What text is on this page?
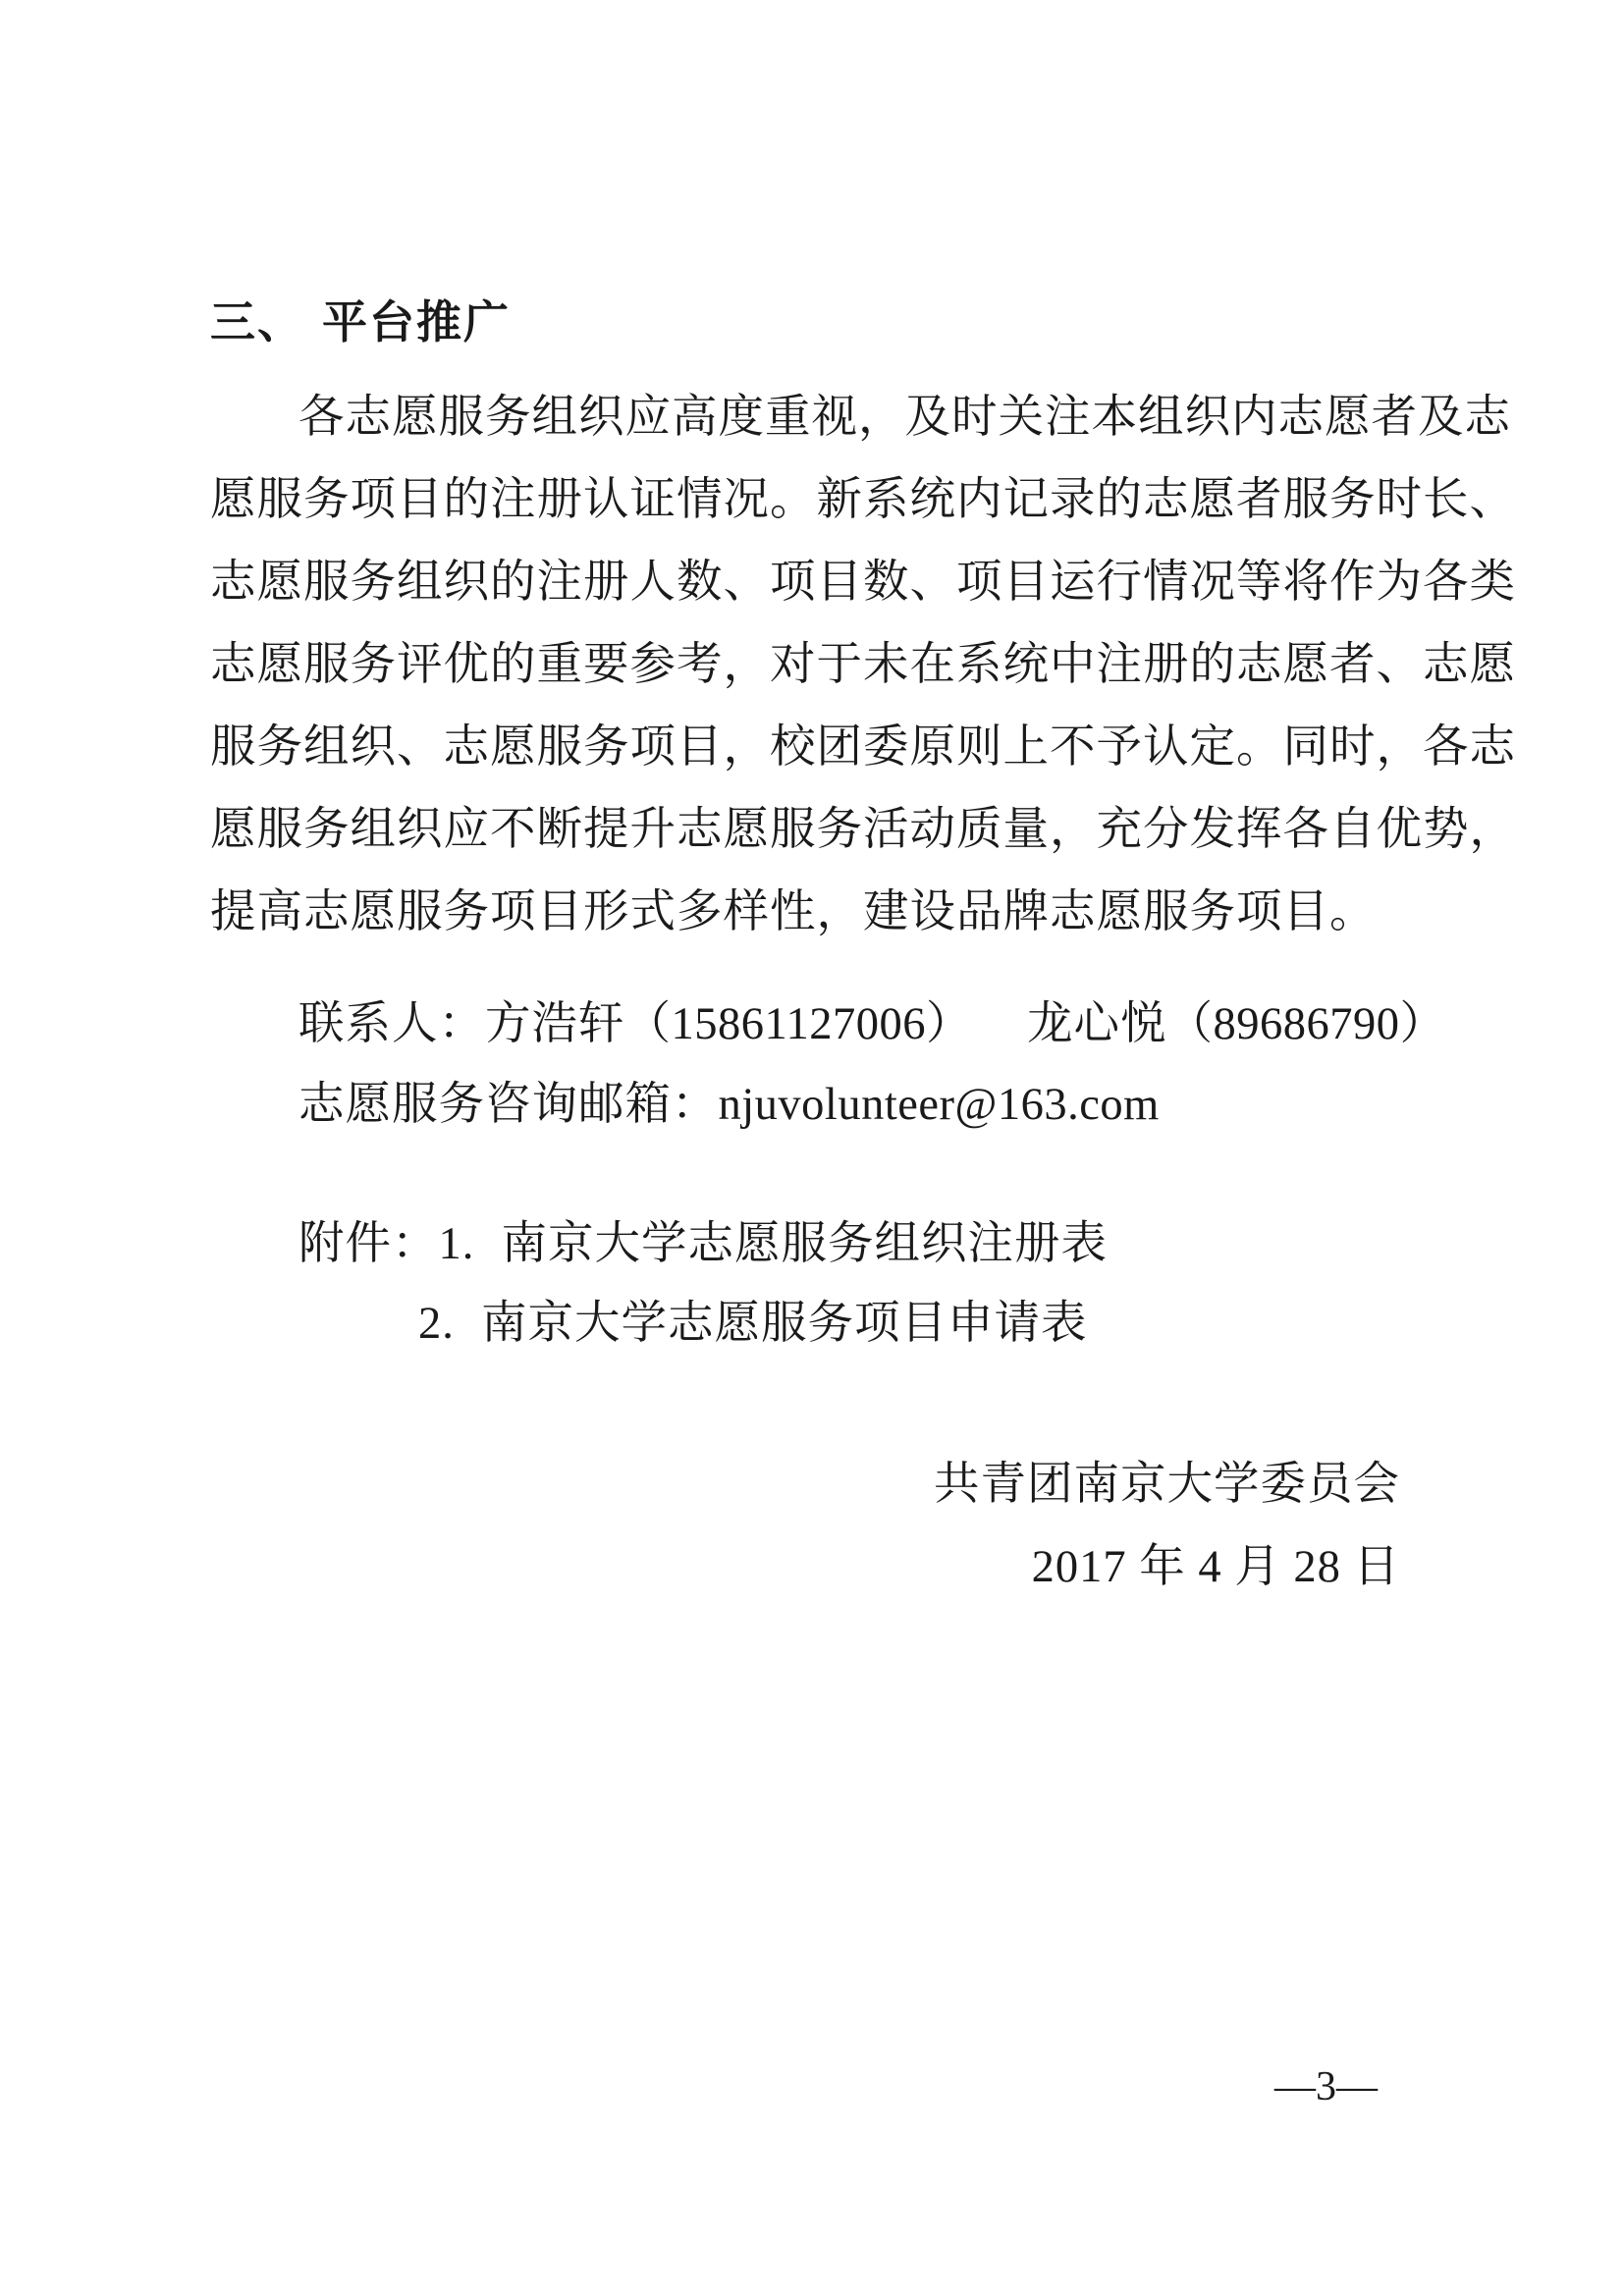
三、 平台推广
各志愿服务组织应高度重视，及时关注本组织内志愿者及志
愿服务项目的注册认证情况。新系统内记录的志愿者服务时长、
志愿服务组织的注册人数、项目数、项目运行情况等将作为各类
志愿服务评优的重要参考，对于未在系统中注册的志愿者、志愿
服务组织、志愿服务项目，校团委原则上不予认定。同时，各志
愿服务组织应不断提升志愿服务活动质量，充分发挥各自优势，
提高志愿服务项目形式多样性，建设品牌志愿服务项目。
联系人：方浩轩（15861127006） 龙心悦（89686790）
志愿服务咨询邮箱：njuvolunteer@163.com
附件：1. 南京大学志愿服务组织注册表
2. 南京大学志愿服务项目申请表
共青团南京大学委员会
2017 年 4 月 28 日
—3—
